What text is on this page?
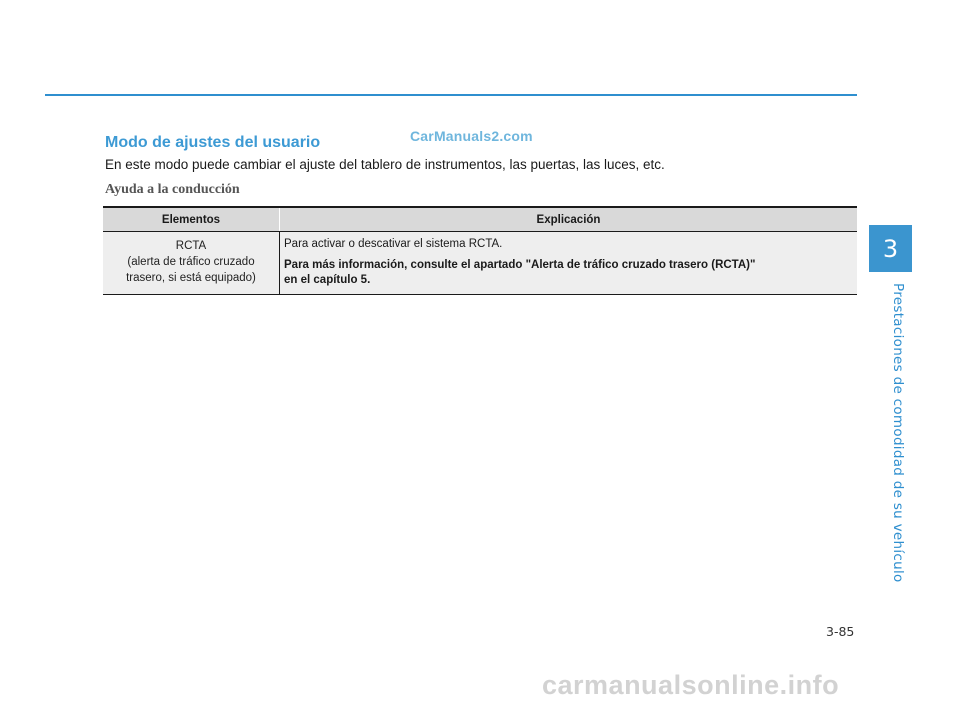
CarManuals2.com
Modo de ajustes del usuario
En este modo puede cambiar el ajuste del tablero de instrumentos, las puertas, las luces, etc.
Ayuda a la conducción
Elementos	Explicación

RCTA
(alerta de tráfico cruzado
trasero, si está equipado)	Para activar o descativar el sistema RCTA.
Para más información, consulte el apartado "Alerta de tráfico cruzado trasero (RCTA)"
en el capítulo 5.
3
Prestaciones de comodidad de su vehículo
3-85
carmanualsonline.info
